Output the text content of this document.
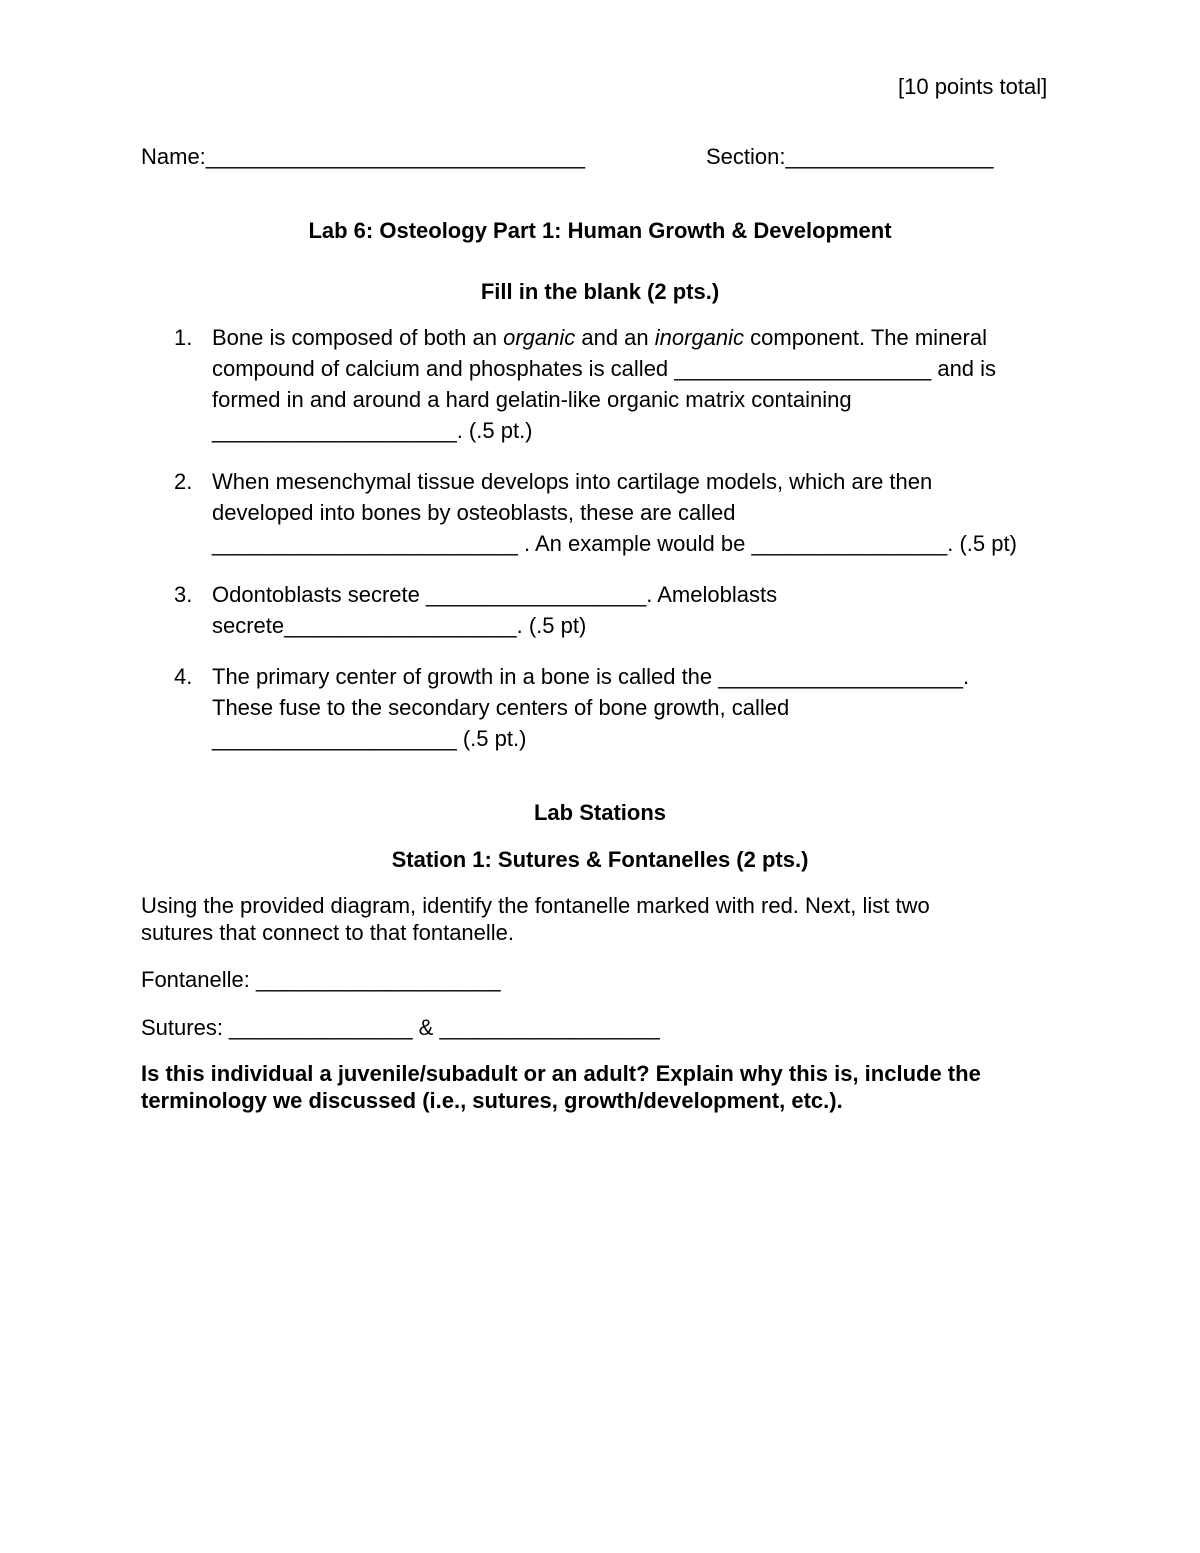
[10 points total]
Name:_______________________________	Section:_________________
Lab 6: Osteology Part 1: Human Growth & Development
Fill in the blank (2 pts.)
1. Bone is composed of both an organic and an inorganic component. The mineral
compound of calcium and phosphates is called _____________________ and is
formed in and around a hard gelatin-like organic matrix containing
____________________. (.5 pt.)
2. When mesenchymal tissue develops into cartilage models, which are then
developed into bones by osteoblasts, these are called
_________________________ . An example would be ________________. (.5 pt)
3. Odontoblasts secrete __________________. Ameloblasts
secrete___________________. (.5 pt)
4. The primary center of growth in a bone is called the ____________________.
These fuse to the secondary centers of bone growth, called
____________________ (.5 pt.)
Lab Stations
Station 1: Sutures & Fontanelles (2 pts.)
Using the provided diagram, identify the fontanelle marked with red. Next, list two
sutures that connect to that fontanelle.
Fontanelle: ____________________
Sutures: _______________ & __________________
Is this individual a juvenile/subadult or an adult? Explain why this is, include the
terminology we discussed (i.e., sutures, growth/development, etc.).
